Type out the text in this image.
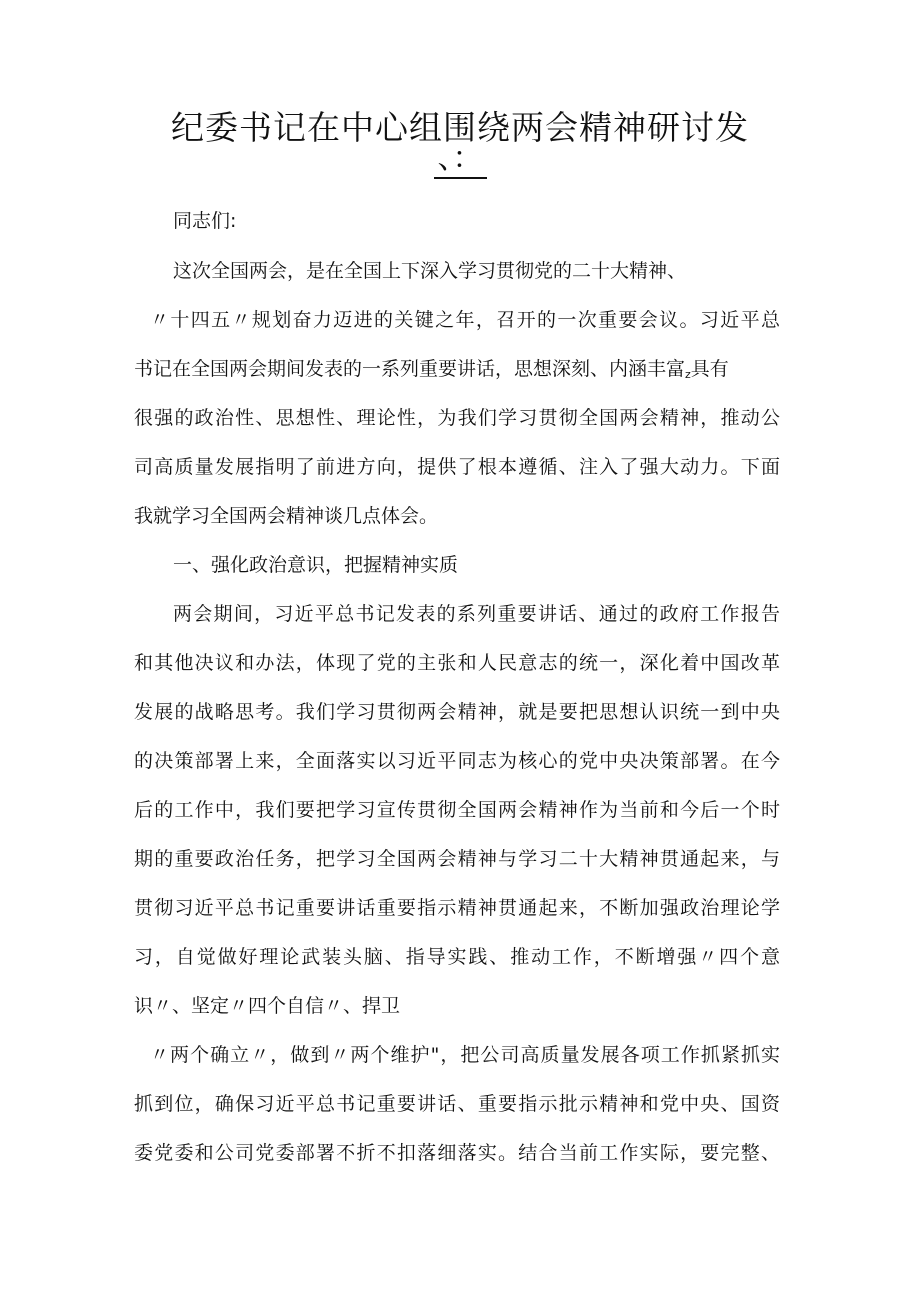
纪委书记在中心组围绕两会精神研讨发
、：
同志们:
这次全国两会，是在全国上下深入学习贯彻党的二十大精神、
〃十四五〃规划奋力迈进的关键之年，召开的一次重要会议。习近平总
书记在全国两会期间发表的一系列重要讲话，思想深刻、内涵丰富$_z$具有
很强的政治性、思想性、理论性，为我们学习贯彻全国两会精神，推动公
司高质量发展指明了前进方向，提供了根本遵循、注入了强大动力。下面
我就学习全国两会精神谈几点体会。
一、强化政治意识，把握精神实质
两会期间，习近平总书记发表的系列重要讲话、通过的政府工作报告
和其他决议和办法，体现了党的主张和人民意志的统一，深化着中国改革
发展的战略思考。我们学习贯彻两会精神，就是要把思想认识统一到中央
的决策部署上来，全面落实以习近平同志为核心的党中央决策部署。在今
后的工作中，我们要把学习宣传贯彻全国两会精神作为当前和今后一个时
期的重要政治任务，把学习全国两会精神与学习二十大精神贯通起来，与
贯彻习近平总书记重要讲话重要指示精神贯通起来，不断加强政治理论学
习，自觉做好理论武装头脑、指导实践、推动工作，不断增强〃四个意
识〃、坚定〃四个自信〃、捍卫
〃两个确立〃，做到〃两个维护"，把公司高质量发展各项工作抓紧抓实
抓到位，确保习近平总书记重要讲话、重要指示批示精神和党中央、国资
委党委和公司党委部署不折不扣落细落实。结合当前工作实际，要完整、
